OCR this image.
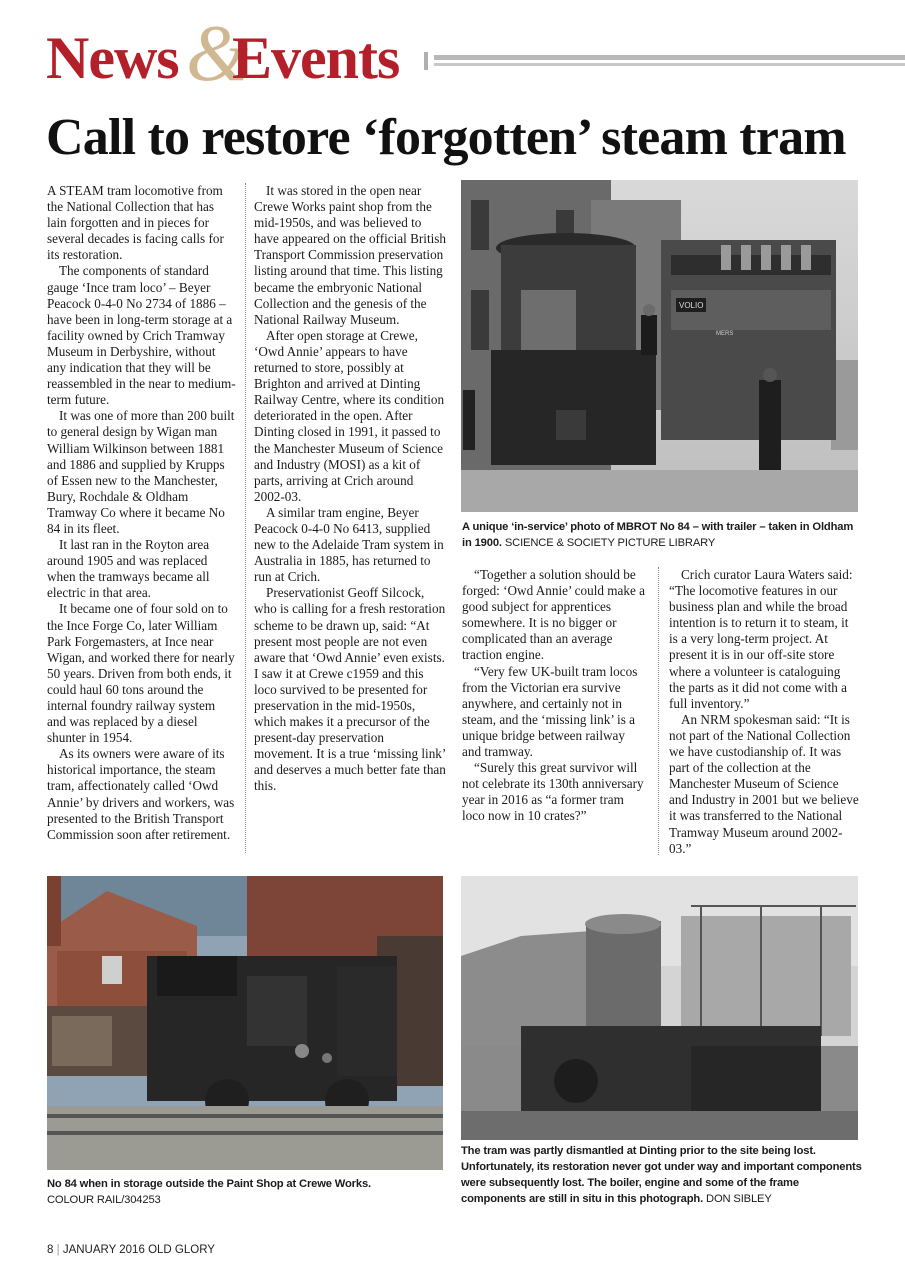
News &
Events
Call to restore ‘forgotten’ steam tram

A STEAM tram locomotive from the National Collection that has lain forgotten and in pieces for several decades is facing calls for its restoration.

The components of standard gauge ‘Ince tram loco’ – Beyer Peacock 0-4-0 No 2734 of 1886 – have been in long-term storage at a facility owned by Crich Tramway Museum in Derbyshire, without any indication that they will be reassembled in the near to medium-term future.

It was one of more than 200 built to general design by Wigan man William Wilkinson between 1881 and 1886 and supplied by Krupps of Essen new to the Manchester, Bury, Rochdale & Oldham Tramway Co where it became No 84 in its fleet.

It last ran in the Royton area around 1905 and was replaced when the tramways became all electric in that area.

It became one of four sold on to the Ince Forge Co, later William Park Forgemasters, at Ince near Wigan, and worked there for nearly 50 years. Driven from both ends, it could haul 60 tons around the internal foundry railway system and was replaced by a diesel shunter in 1954.

As its owners were aware of its historical importance, the steam tram, affectionately called ‘Owd Annie’ by drivers and workers, was presented to the British Transport Commission soon after retirement.

It was stored in the open near Crewe Works paint shop from the mid-1950s, and was believed to have appeared on the official British Transport Commission preservation listing around that time. This listing became the embryonic National Collection and the genesis of the National Railway Museum.

After open storage at Crewe, ‘Owd Annie’ appears to have returned to store, possibly at Brighton and arrived at Dinting Railway Centre, where its condition deteriorated in the open. After Dinting closed in 1991, it passed to the Manchester Museum of Science and Industry (MOSI) as a kit of parts, arriving at Crich around 2002-03.

A similar tram engine, Beyer Peacock 0-4-0 No 6413, supplied new to the Adelaide Tram system in Australia in 1885, has returned to run at Crich.

Preservationist Geoff Silcock, who is calling for a fresh restoration scheme to be drawn up, said: “At present most people are not even aware that ‘Owd Annie’ even exists. I saw it at Crewe c1959 and this loco survived to be presented for preservation in the mid-1950s, which makes it a precursor of the present-day preservation movement. It is a true ‘missing link’ and deserves a much better fate than this.

“Together a solution should be forged: ‘Owd Annie’ could make a good subject for apprentices somewhere. It is no bigger or complicated than an average traction engine.

“Very few UK-built tram locos from the Victorian era survive anywhere, and certainly not in steam, and the ‘missing link’ is a unique bridge between railway and tramway.

“Surely this great survivor will not celebrate its 130th anniversary year in 2016 as “a former tram loco now in 10 crates?”

Crich curator Laura Waters said: “The locomotive features in our business plan and while the broad intention is to return it to steam, it is a very long-term project. At present it is in our off-site store where a volunteer is cataloguing the parts as it did not come with a full inventory.”

An NRM spokesman said: “It is not part of the National Collection we have custodianship of. It was part of the collection at the Manchester Museum of Science and Industry in 2001 but we believe it was transferred to the National Tramway Museum around 2002-03.”

VOLIO
MERS
A unique ‘in-service’ photo of MBROT No 84 – with trailer – taken in Oldham in 1900. SCIENCE & SOCIETY PICTURE LIBRARY
No 84 when in storage outside the Paint Shop at Crewe Works.
COLOUR RAIL/304253
The tram was partly dismantled at Dinting prior to the site being lost. Unfortunately, its restoration never got under way and important components were subsequently lost. The boiler, engine and some of the frame components are still in situ in this photograph. DON SIBLEY
8 | JANUARY 2016 OLD GLORY
